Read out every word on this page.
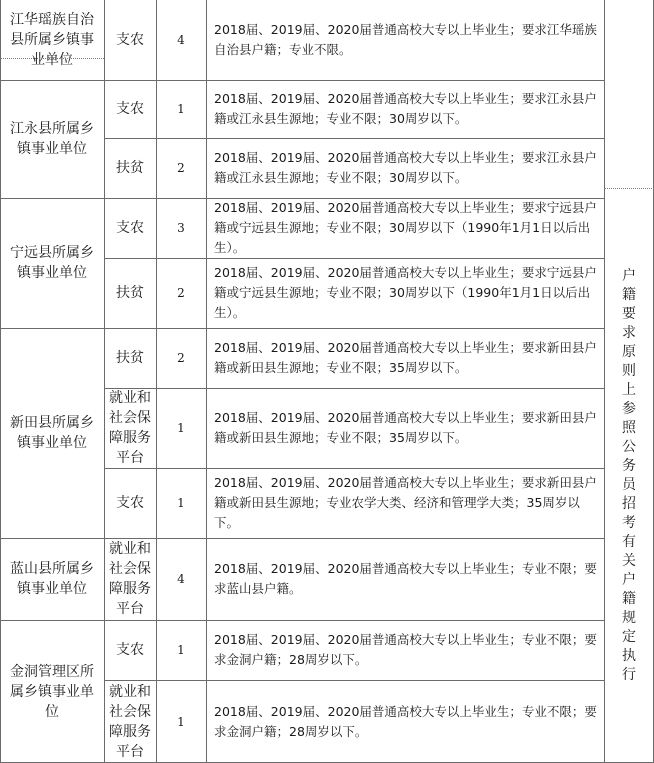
江华瑶族自治县所属乡镇事业单位
江永县所属乡镇事业单位
宁远县所属乡镇事业单位
新田县所属乡镇事业单位
蓝山县所属乡镇事业单位
金洞管理区所属乡镇事业单位
支农
支农
扶贫
支农
扶贫
扶贫
就业和社会保障服务平台
支农
就业和社会保障服务平台
支农
就业和社会保障服务平台
4
1
2
3
2
2
1
1
4
1
1
2018届、2019届、2020届普通高校大专以上毕业生；要求江华瑶族自治县户籍；专业不限。
2018届、2019届、2020届普通高校大专以上毕业生；要求江永县户籍或江永县生源地；专业不限；30周岁以下。
2018届、2019届、2020届普通高校大专以上毕业生；要求江永县户籍或江永县生源地；专业不限；30周岁以下。
2018届、2019届、2020届普通高校大专以上毕业生；要求宁远县户籍或宁远县生源地；专业不限；30周岁以下（1990年1月1日以后出生）。
2018届、2019届、2020届普通高校大专以上毕业生；要求宁远县户籍或宁远县生源地；专业不限；30周岁以下（1990年1月1日以后出生）。
2018届、2019届、2020届普通高校大专以上毕业生；要求新田县户籍或新田县生源地；专业不限；35周岁以下。
2018届、2019届、2020届普通高校大专以上毕业生；要求新田县户籍或新田县生源地；专业不限；35周岁以下。
2018届、2019届、2020届普通高校大专以上毕业生；要求新田县户籍或新田县生源地；专业农学大类、经济和管理学大类；35周岁以下。
2018届、2019届、2020届普通高校大专以上毕业生；专业不限；要求蓝山县户籍。
2018届、2019届、2020届普通高校大专以上毕业生；专业不限；要求金洞户籍；28周岁以下。
2018届、2019届、2020届普通高校大专以上毕业生；专业不限；要求金洞户籍；28周岁以下。
户籍要求原则上参照公务员招考有关户籍规定执行
